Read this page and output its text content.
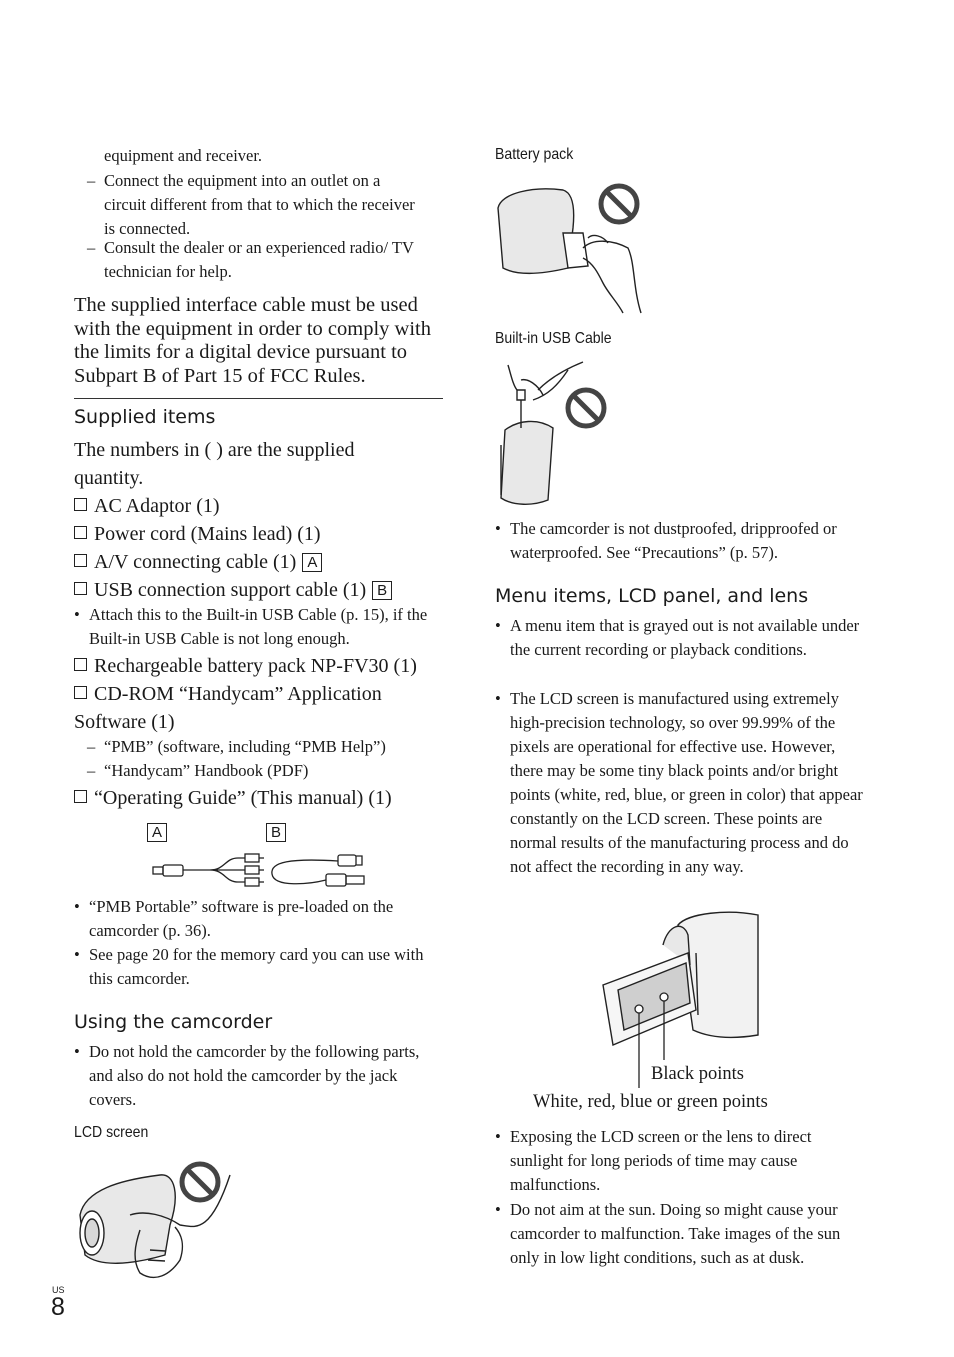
equipment and receiver.

– Connect the equipment into an outlet on a circuit different from that to which the receiver is connected.

– Consult the dealer or an experienced radio/ TV technician for help.

The supplied interface cable must be used with the equipment in order to comply with the limits for a digital device pursuant to Subpart B of Part 15 of FCC Rules.

Supplied items

The numbers in ( ) are the supplied quantity.

AC Adaptor (1)
Power cord (Mains lead) (1)
A/V connecting cable (1) A
USB connection support cable (1) B

• Attach this to the Built-in USB Cable (p. 15), if the Built-in USB Cable is not long enough.

Rechargeable battery pack NP-FV30 (1)
CD-ROM “Handycam” Application Software (1)

– “PMB” (software, including “PMB Help”)

– “Handycam” Handbook (PDF)

“Operating Guide” (This manual) (1)
A	B

• “PMB Portable” software is pre-loaded on the camcorder (p. 36).

• See page 20 for the memory card you can use with this camcorder.

Using the camcorder

• Do not hold the camcorder by the following parts, and also do not hold the camcorder by the jack covers.

LCD screen
US
8
Battery pack
Built-in USB Cable

• The camcorder is not dustproofed, dripproofed or waterproofed. See “Precautions” (p. 57).

Menu items, LCD panel, and lens

• A menu item that is grayed out is not available under the current recording or playback conditions.

• The LCD screen is manufactured using extremely high-precision technology, so over 99.99% of the pixels are operational for effective use. However, there may be some tiny black points and/or bright points (white, red, blue, or green in color) that appear constantly on the LCD screen. These points are normal results of the manufacturing process and do not affect the recording in any way.

Black points
White, red, blue or green points

• Exposing the LCD screen or the lens to direct sunlight for long periods of time may cause malfunctions.

• Do not aim at the sun. Doing so might cause your camcorder to malfunction. Take images of the sun only in low light conditions, such as at dusk.
